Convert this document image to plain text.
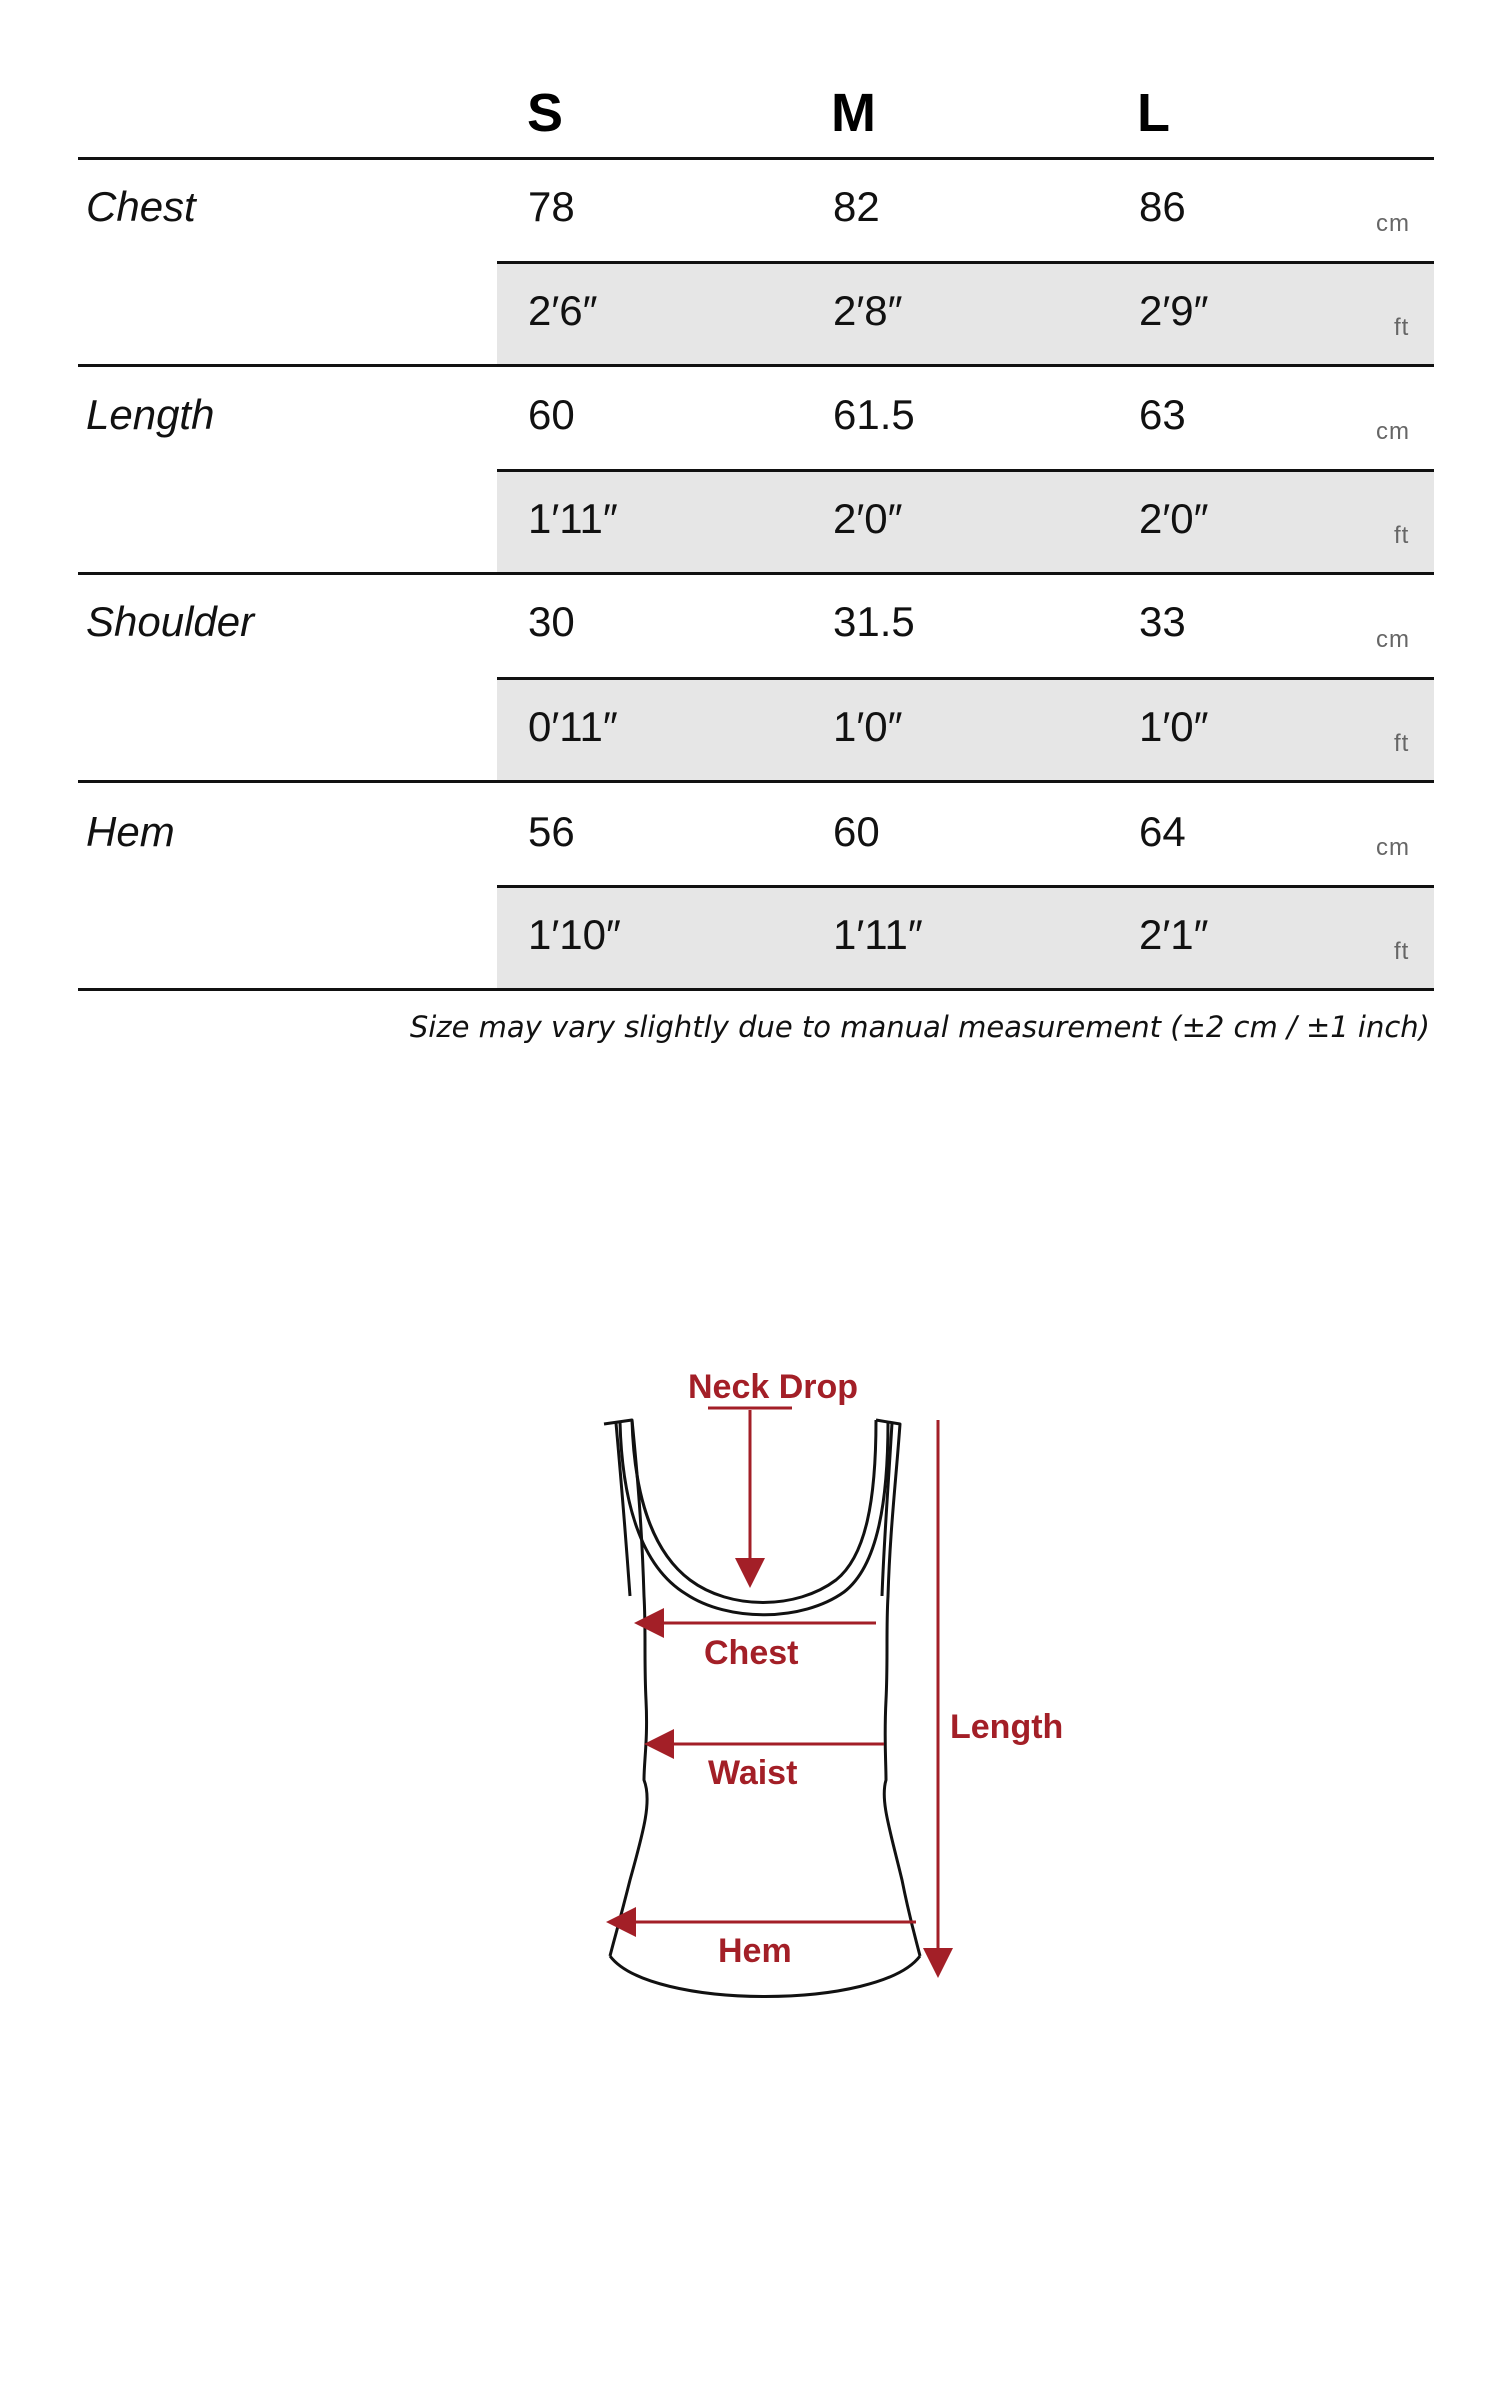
S	M	L
Chest	78	82	86	cm
2′6″	2′8″	2′9″	ft
Length	60	61.5	63	cm
1′11″	2′0″	2′0″	ft
Shoulder	30	31.5	33	cm
0′11″	1′0″	1′0″	ft
Hem	56	60	64	cm
1′10″	1′11″	2′1″	ft
Size may vary slightly due to manual measurement (±2 cm / ±1 inch)
Neck Drop
Chest
Waist
Hem
Length
